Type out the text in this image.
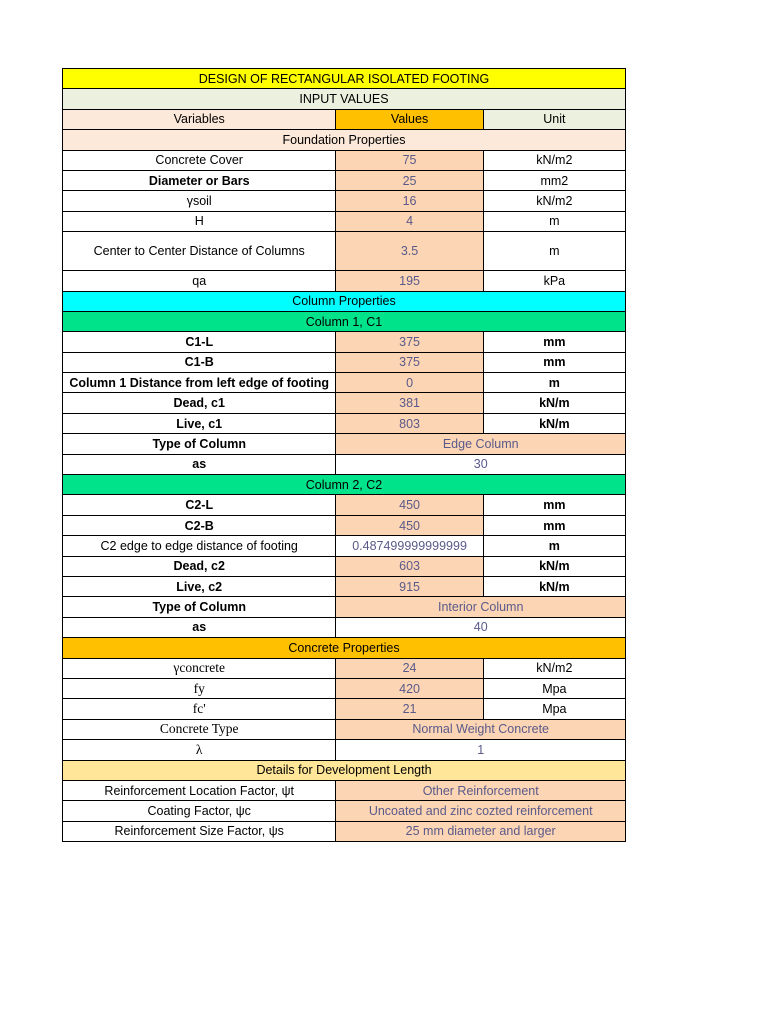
DESIGN OF RECTANGULAR ISOLATED FOOTING		
INPUT VALUES		
Variables	Values	Unit
Foundation Properties		
Concrete Cover	75	kN/m2
Diameter or Bars	25	mm2
γsoil	16	kN/m2
H	4	m
Center to Center Distance of Columns	3.5	m
qa	195	kPa
Column Properties		
Column 1, C1		
C1-L	375	mm
C1-B	375	mm
Column 1 Distance from left edge of footing	0	m
Dead, c1	381	kN/m
Live, c1	803	kN/m
Type of Column	Edge Column	
as	30	
Column 2, C2		
C2-L	450	mm
C2-B	450	mm
C2 edge to edge distance of footing	0.487499999999999	m
Dead, c2	603	kN/m
Live, c2	915	kN/m
Type of Column	Interior Column	
as	40	
Concrete Properties		
γconcrete	24	kN/m2
fy	420	Mpa
fc'	21	Mpa
Concrete Type	Normal Weight Concrete	
λ	1	
Details for Development Length		
Reinforcement Location Factor, ψt	Other Reinforcement	
Coating Factor, ψc	Uncoated and zinc cozted reinforcement	
Reinforcement Size Factor, ψs	25 mm diameter and larger	
